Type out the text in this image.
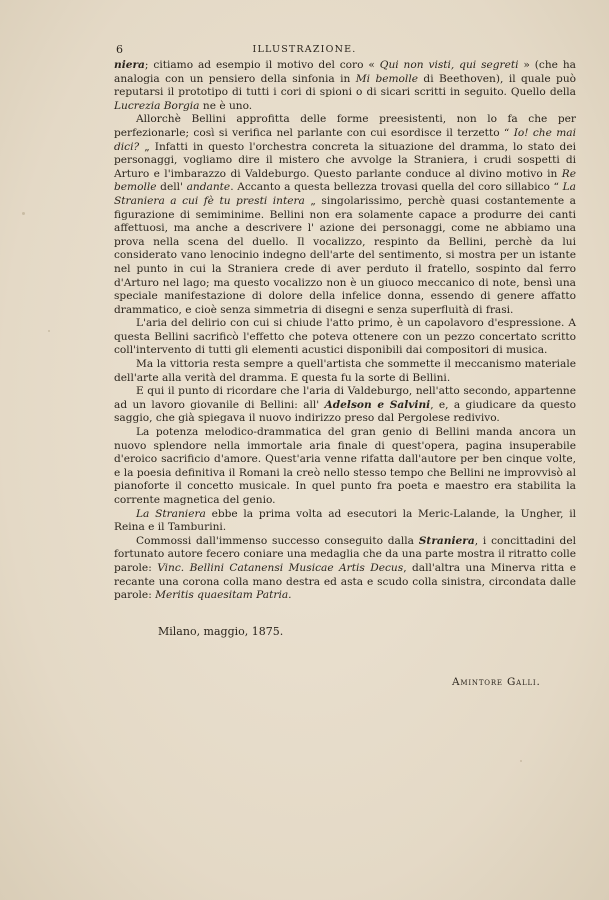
6	ILLUSTRAZIONE.

niera; citiamo ad esempio il motivo del coro « Qui non visti, qui segreti » (che ha analogia con un pensiero della sinfonia in Mi bemolle di Beethoven), il quale può reputarsi il prototipo di tutti i cori di spioni o di sicari scritti in seguito. Quello della Lucrezia Borgia ne è uno.

Allorchè Bellini approfitta delle forme preesistenti, non lo fa che per perfezionarle; così si verifica nel parlante con cui esordisce il terzetto “ Io! che mai dici? „ Infatti in questo l'orchestra concreta la situazione del dramma, lo stato dei personaggi, vogliamo dire il mistero che avvolge la Straniera, i crudi sospetti di Arturo e l'imbarazzo di Valdeburgo. Questo parlante conduce al divino motivo in Re bemolle dell' andante. Accanto a questa bellezza trovasi quella del coro sillabico “ La Straniera a cui fè tu presti intera „ singolarissimo, perchè quasi costantemente a figurazione di semiminime. Bellini non era solamente capace a produrre dei canti affettuosi, ma anche a descrivere l' azione dei personaggi, come ne abbiamo una prova nella scena del duello. Il vocalizzo, respinto da Bellini, perchè da lui considerato vano lenocinio indegno dell'arte del sentimento, si mostra per un istante nel punto in cui la Straniera crede di aver perduto il fratello, sospinto dal ferro d'Arturo nel lago; ma questo vocalizzo non è un giuoco meccanico di note, bensì una speciale manifestazione di dolore della infelice donna, essendo di genere affatto drammatico, e cioè senza simmetria di disegni e senza superfluità di frasi.

L'aria del delirio con cui si chiude l'atto primo, è un capolavoro d'espressione. A questa Bellini sacrificò l'effetto che poteva ottenere con un pezzo concertato scritto coll'intervento di tutti gli elementi acustici disponibili dai compositori di musica.

Ma la vittoria resta sempre a quell'artista che sommette il meccanismo materiale dell'arte alla verità del dramma. E questa fu la sorte di Bellini.

E qui il punto di ricordare che l'aria di Valdeburgo, nell'atto secondo, appartenne ad un lavoro giovanile di Bellini: all' Adelson e Salvini, e, a giudicare da questo saggio, che già spiegava il nuovo indirizzo preso dal Pergolese redivivo.

La potenza melodico-drammatica del gran genio di Bellini manda ancora un nuovo splendore nella immortale aria finale di quest'opera, pagina insuperabile d'eroico sacrificio d'amore. Quest'aria venne rifatta dall'autore per ben cinque volte, e la poesia definitiva il Romani la creò nello stesso tempo che Bellini ne improvvisò al pianoforte il concetto musicale. In quel punto fra poeta e maestro era stabilita la corrente magnetica del genio.

La Straniera ebbe la prima volta ad esecutori la Meric-Lalande, la Ungher, il Reina e il Tamburini.

Commossi dall'immenso successo conseguito dalla Straniera, i concittadini del fortunato autore fecero coniare una medaglia che da una parte mostra il ritratto colle parole: Vinc. Bellini Catanensi Musicae Artis Decus, dall'altra una Minerva ritta e recante una corona colla mano destra ed asta e scudo colla sinistra, circondata dalle parole: Meritis quaesitam Patria.

Milano, maggio, 1875.
Amintore Galli.
